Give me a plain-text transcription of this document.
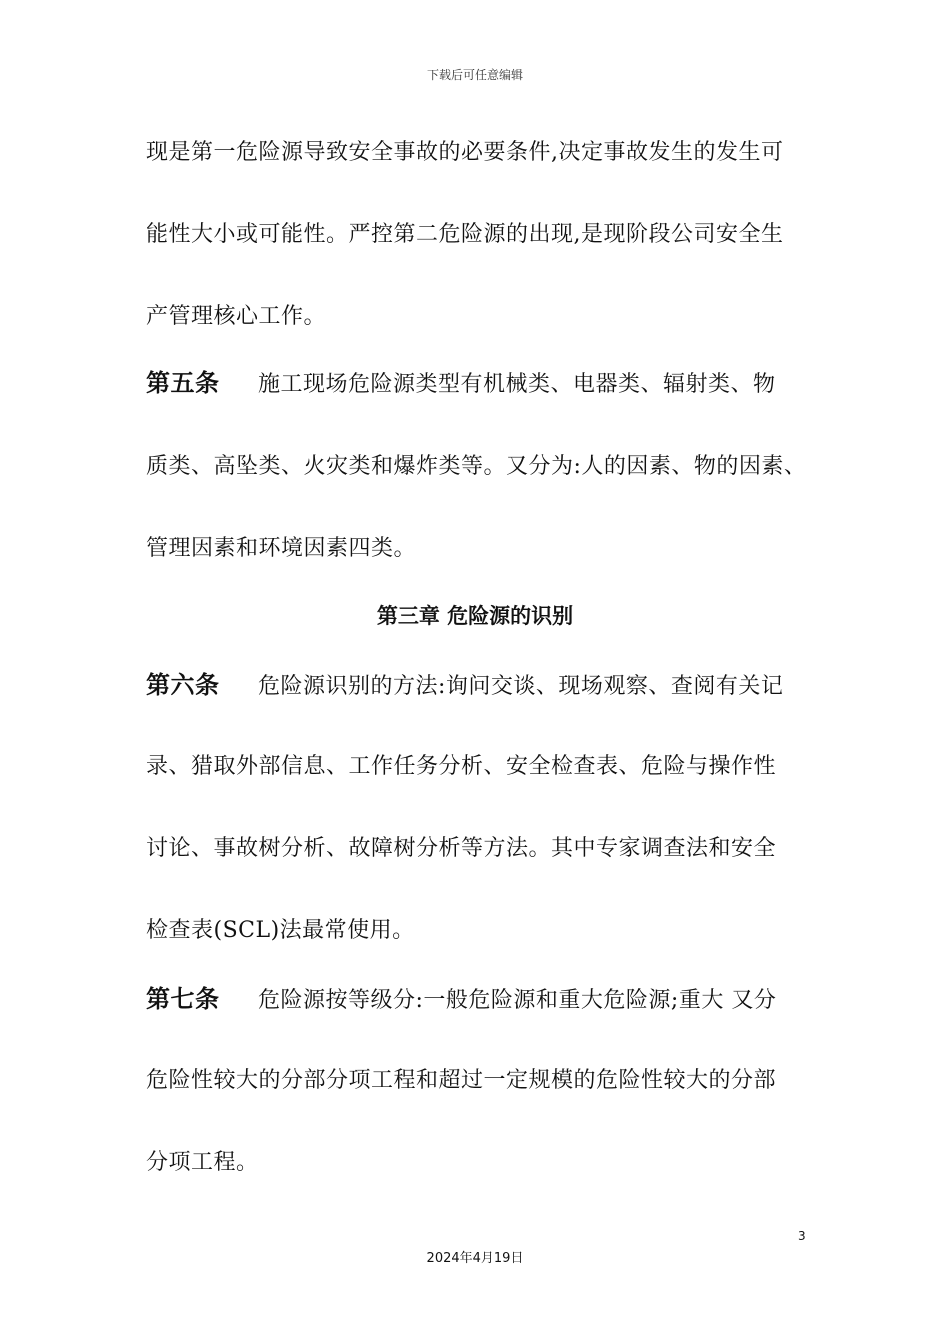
下载后可任意编辑
现是第一危险源导致安全事故的必要条件,决定事故发生的发生可
能性大小或可能性。严控第二危险源的出现,是现阶段公司安全生
产管理核心工作。
第五条 施工现场危险源类型有机械类、电器类、辐射类、物
质类、高坠类、火灾类和爆炸类等。又分为:人的因素、物的因素、
管理因素和环境因素四类。
第三章 危险源的识别
第六条 危险源识别的方法:询问交谈、现场观察、查阅有关记
录、猎取外部信息、工作任务分析、安全检查表、危险与操作性
讨论、事故树分析、故障树分析等方法。其中专家调查法和安全
检查表(SCL)法最常使用。
第七条 危险源按等级分:一般危险源和重大危险源;重大 又分
危险性较大的分部分项工程和超过一定规模的危险性较大的分部
分项工程。
3
2024年4月19日
